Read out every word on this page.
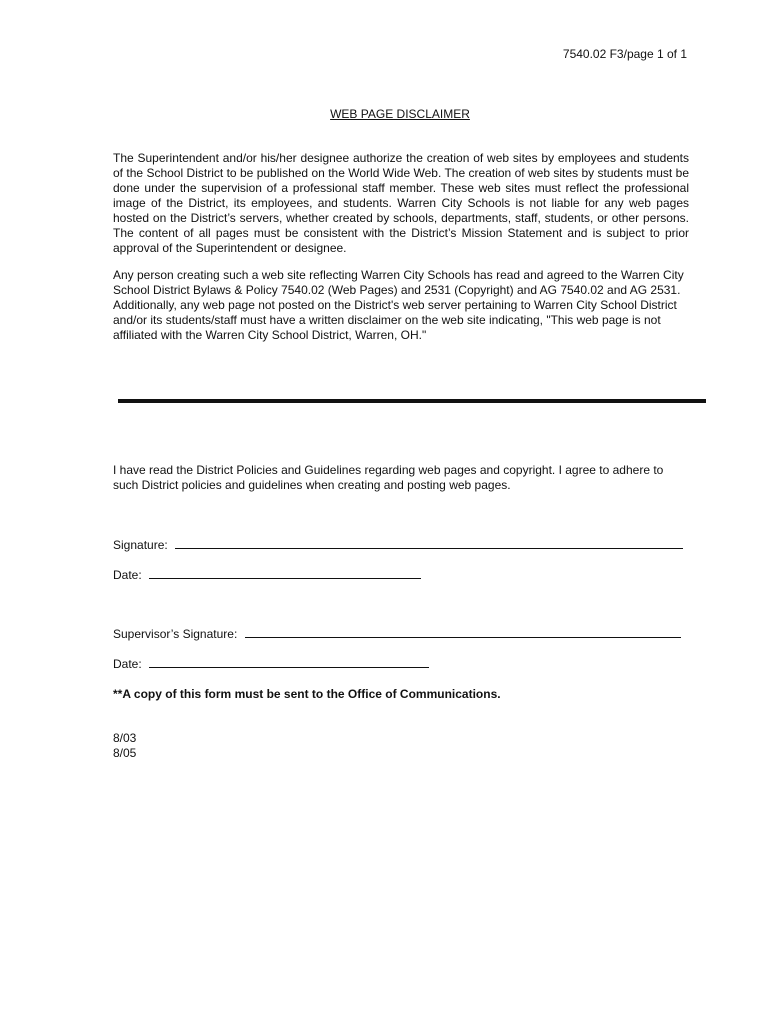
7540.02 F3/page 1 of 1
WEB PAGE DISCLAIMER

The Superintendent and/or his/her designee authorize the creation of web sites by employees and students of the School District to be published on the World Wide Web. The creation of web sites by students must be done under the supervision of a professional staff member. These web sites must reflect the professional image of the District, its employees, and students. Warren City Schools is not liable for any web pages hosted on the District’s servers, whether created by schools, departments, staff, students, or other persons. The content of all pages must be consistent with the District’s Mission Statement and is subject to prior approval of the Superintendent or designee.

Any person creating such a web site reflecting Warren City Schools has read and agreed to the Warren City School District Bylaws & Policy 7540.02 (Web Pages) and 2531 (Copyright) and AG 7540.02 and AG 2531. Additionally, any web page not posted on the District's web server pertaining to Warren City School District and/or its students/staff must have a written disclaimer on the web site indicating, "This web page is not affiliated with the Warren City School District, Warren, OH."

I have read the District Policies and Guidelines regarding web pages and copyright. I agree to adhere to such District policies and guidelines when creating and posting web pages.

Signature:
Date:
Supervisor’s Signature:
Date:
**A copy of this form must be sent to the Office of Communications.
8/03
8/05
